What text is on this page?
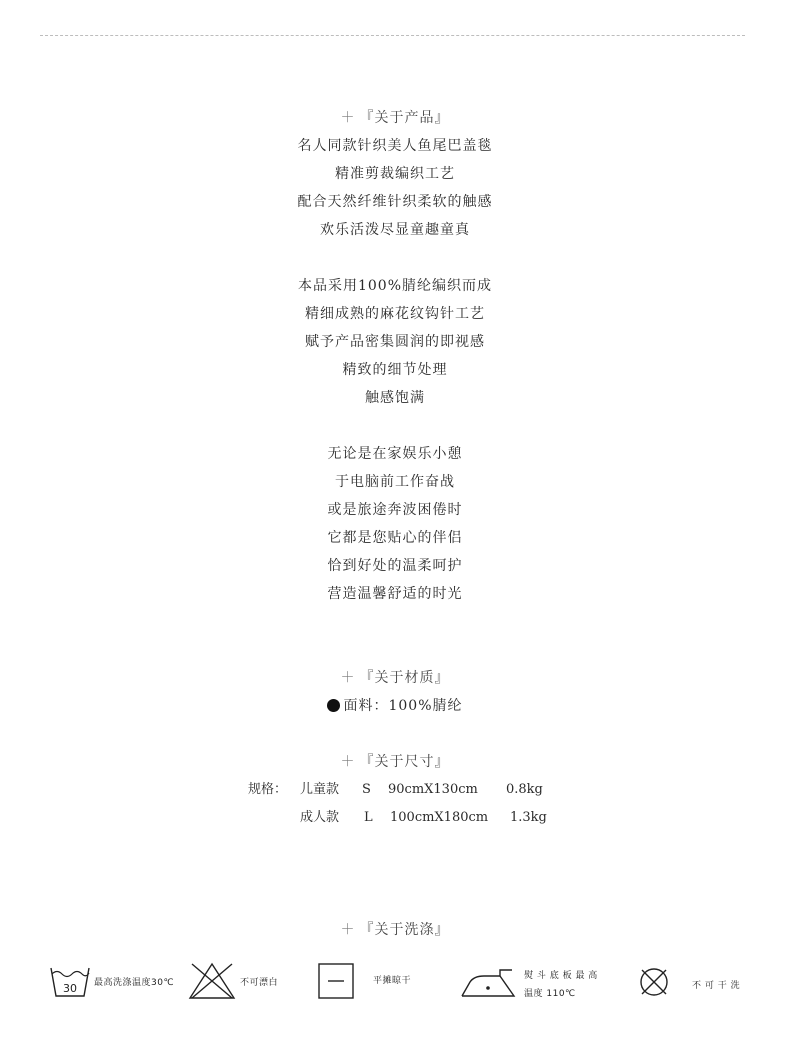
＋ 『关于产品』
名人同款针织美人鱼尾巴盖毯
精准剪裁编织工艺
配合天然纤维针织柔软的触感
欢乐活泼尽显童趣童真
本品采用100%腈纶编织而成
精细成熟的麻花纹钩针工艺
赋予产品密集圆润的即视感
精致的细节处理
触感饱满
无论是在家娱乐小憩
于电脑前工作奋战
或是旅途奔波困倦时
它都是您贴心的伴侣
恰到好处的温柔呵护
营造温馨舒适的时光
＋ 『关于材质』
面料：100%腈纶
＋ 『关于尺寸』
规格： 儿童款 S 90cmX130cm 0.8kg
成人款 L 100cmX180cm 1.3kg
＋ 『关于洗涤』
30 最高洗涤温度30℃	不可漂白	平摊晾干	熨 斗 底 板 最 高
温度 110℃
不 可 干 洗
